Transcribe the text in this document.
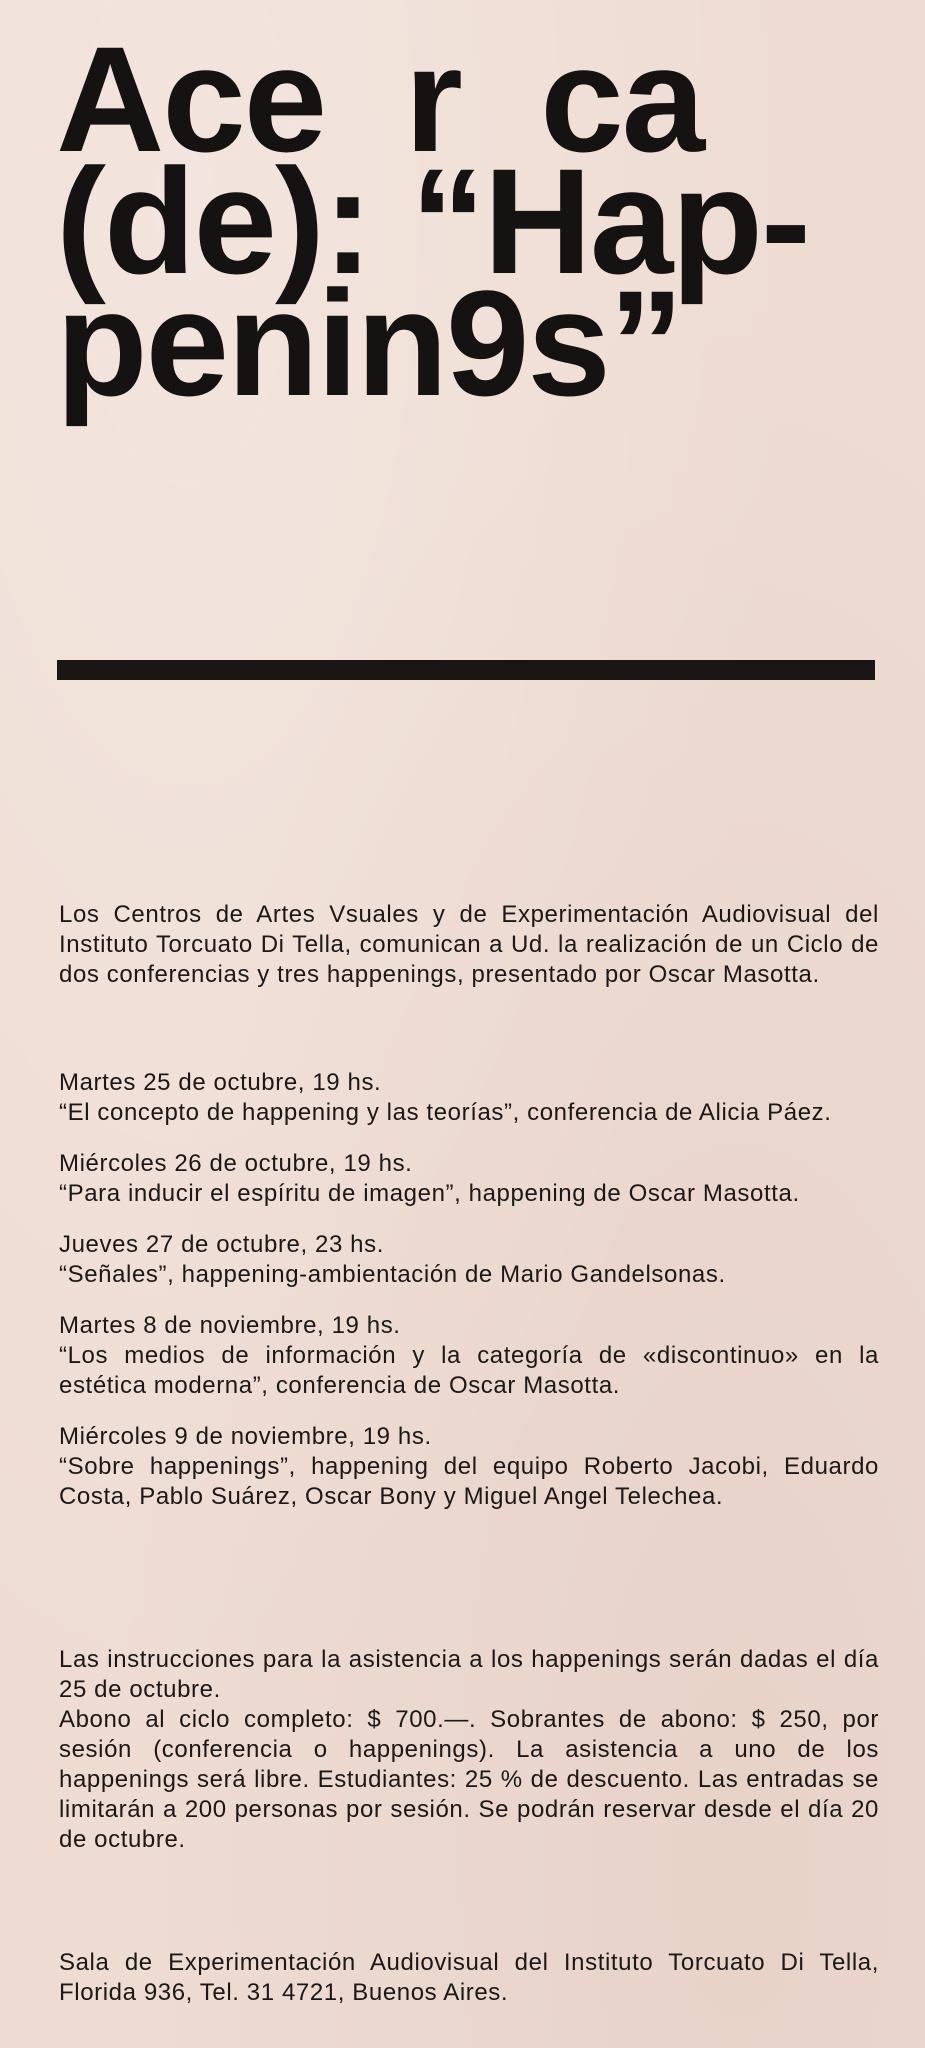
Ace  r  ca
(de): “Hap-
penin9s”

Los Centros de Artes Vsuales y de Experimentación Audiovisual del Instituto Torcuato Di Tella, comunican a Ud. la realización de un Ciclo de dos conferencias y tres happenings, presentado por Oscar Masotta.

Martes 25 de octubre, 19 hs.
“El concepto de happening y las teorías”, conferencia de Alicia Páez.
Miércoles 26 de octubre, 19 hs.
“Para inducir el espíritu de imagen”, happening de Oscar Masotta.
Jueves 27 de octubre, 23 hs.
“Señales”, happening-ambientación de Mario Gandelsonas.
Martes 8 de noviembre, 19 hs.
“Los medios de información y la categoría de «discontinuo» en la estética moderna”, conferencia de Oscar Masotta.
Miércoles 9 de noviembre, 19 hs.
“Sobre happenings”, happening del equipo Roberto Jacobi, Eduardo Costa, Pablo Suárez, Oscar Bony y Miguel Angel Telechea.

Las instrucciones para la asistencia a los happenings serán dadas el día 25 de octubre.

Abono al ciclo completo: $ 700.—. Sobrantes de abono: $ 250, por sesión (conferencia o happenings). La asistencia a uno de los happenings será libre. Estudiantes: 25 % de descuento. Las entradas se limitarán a 200 personas por sesión. Se podrán reservar desde el día 20 de octubre.

Sala de Experimentación Audiovisual del Instituto Torcuato Di Tella, Florida 936, Tel. 31 4721, Buenos Aires.
